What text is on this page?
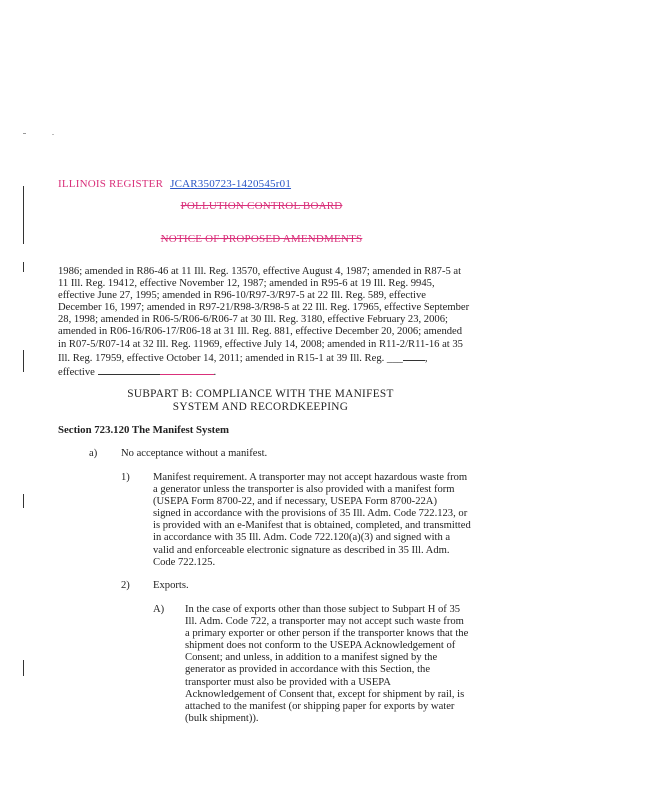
ILLINOIS REGISTER JCAR350723-1420545r01
POLLUTION CONTROL BOARD
NOTICE OF PROPOSED AMENDMENTS
1986; amended in R86-46 at 11 Ill. Reg. 13570, effective August 4, 1987; amended in R87-5 at
11 Ill. Reg. 19412, effective November 12, 1987; amended in R95-6 at 19 Ill. Reg. 9945,
effective June 27, 1995; amended in R96-10/R97-3/R97-5 at 22 Ill. Reg. 589, effective
December 16, 1997; amended in R97-21/R98-3/R98-5 at 22 Ill. Reg. 17965, effective September
28, 1998; amended in R06-5/R06-6/R06-7 at 30 Ill. Reg. 3180, effective February 23, 2006;
amended in R06-16/R06-17/R06-18 at 31 Ill. Reg. 881, effective December 20, 2006; amended
in R07-5/R07-14 at 32 Ill. Reg. 11969, effective July 14, 2008; amended in R11-2/R11-16 at 35
Ill. Reg. 17959, effective October 14, 2011; amended in R15-1 at 39 Ill. Reg. ___ ,
effective	.
SUBPART B: COMPLIANCE WITH THE MANIFEST
SYSTEM AND RECORDKEEPING
Section 723.120 The Manifest System
a) No acceptance without a manifest.
1) Manifest requirement. A transporter may not accept hazardous waste from
a generator unless the transporter is also provided with a manifest form
(USEPA Form 8700-22, and if necessary, USEPA Form 8700-22A)
signed in accordance with the provisions of 35 Ill. Adm. Code 722.123, or
is provided with an e-Manifest that is obtained, completed, and transmitted
in accordance with 35 Ill. Adm. Code 722.120(a)(3) and signed with a
valid and enforceable electronic signature as described in 35 Ill. Adm.
Code 722.125.
2) Exports.
A) In the case of exports other than those subject to Subpart H of 35
Ill. Adm. Code 722, a transporter may not accept such waste from
a primary exporter or other person if the transporter knows that the
shipment does not conform to the USEPA Acknowledgement of
Consent; and unless, in addition to a manifest signed by the
generator as provided in accordance with this Section, the
transporter must also be provided with a USEPA
Acknowledgement of Consent that, except for shipment by rail, is
attached to the manifest (or shipping paper for exports by water
(bulk shipment)).
